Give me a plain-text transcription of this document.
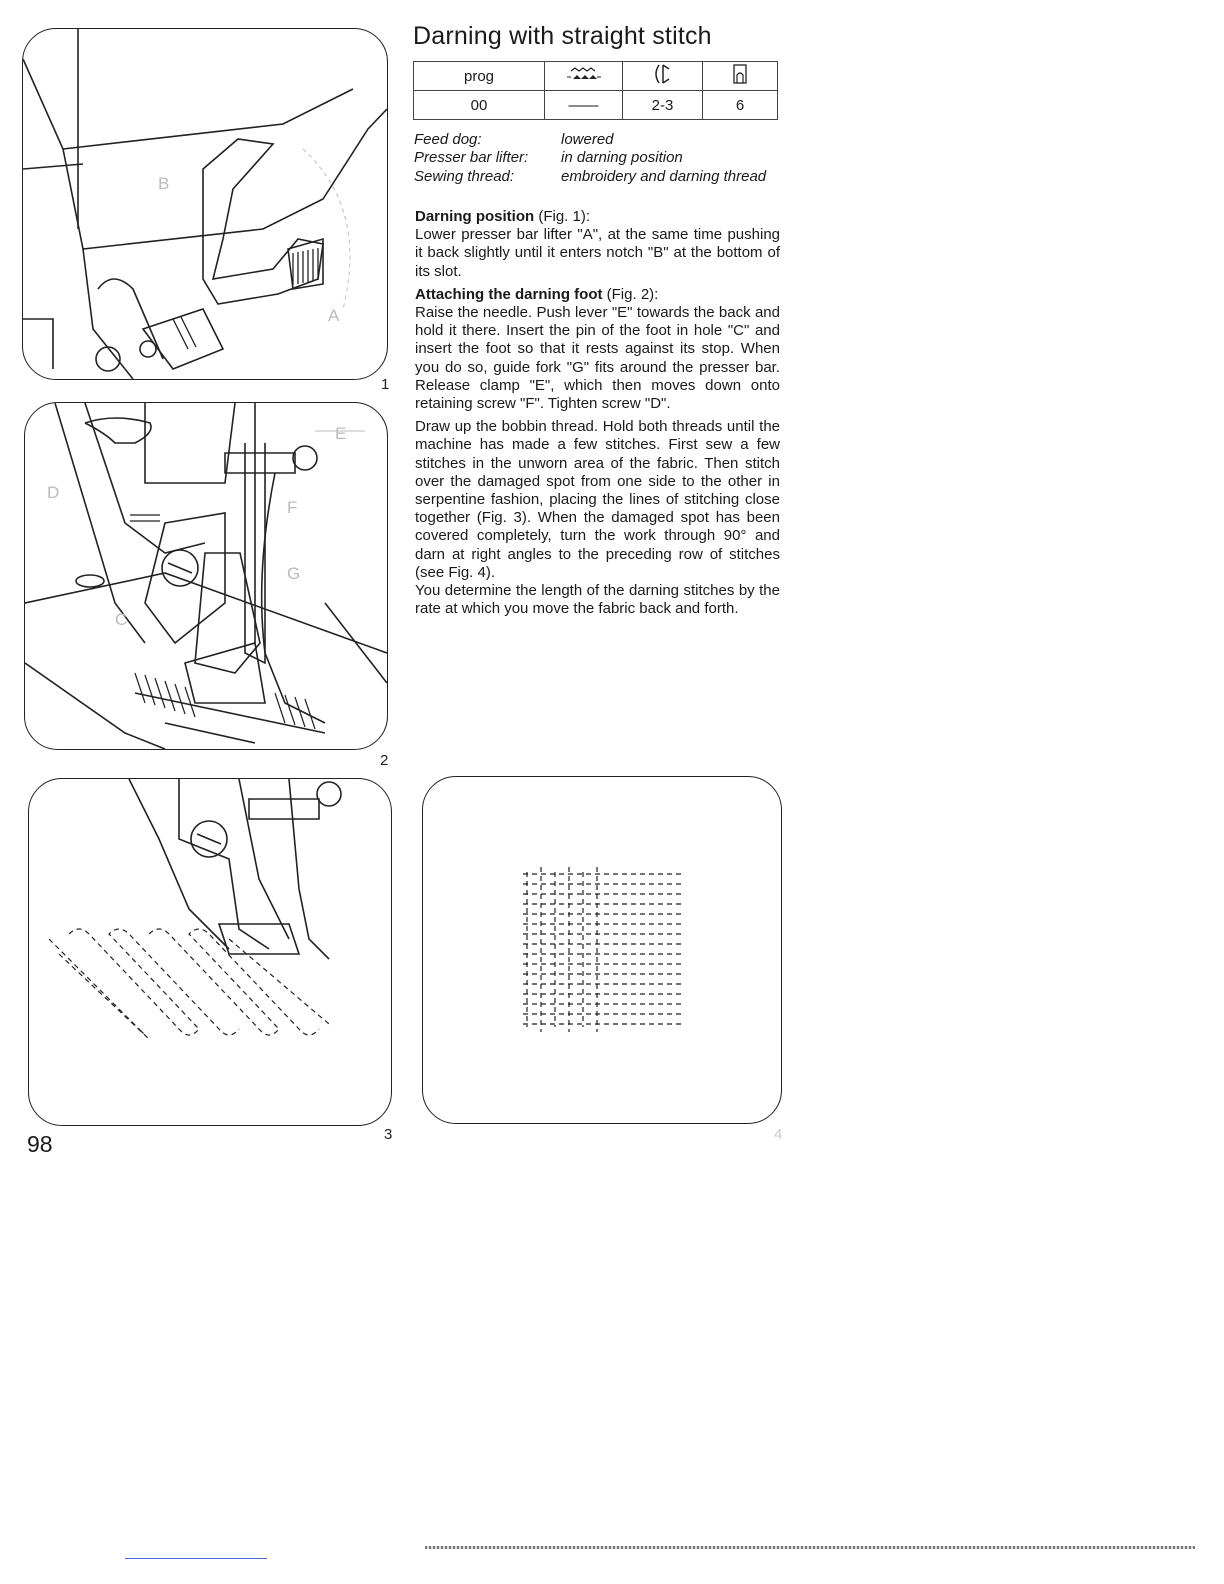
B
A
1
E
D
F
G
C
2
3	4
Darning with straight stitch
prog			
00	——	2-3	6
Feed dog:	lowered
Presser bar lifter:	in darning position
Sewing thread:	embroidery and darning thread

Darning position (Fig. 1):
Lower presser bar lifter "A", at the same time pushing it back slightly until it enters notch "B" at the bottom of its slot.

Attaching the darning foot (Fig. 2):
Raise the needle. Push lever "E" towards the back and hold it there. Insert the pin of the foot in hole "C" and insert the foot so that it rests against its stop. When you do so, guide fork "G" fits around the presser bar. Release clamp "E", which then moves down onto retaining screw "F". Tighten screw "D".

Draw up the bobbin thread. Hold both threads until the machine has made a few stitches. First sew a few stitches in the unworn area of the fabric. Then stitch over the damaged spot from one side to the other in serpentine fashion, placing the lines of stitching close together (Fig. 3). When the damaged spot has been covered completely, turn the work through 90° and darn at right angles to the preceding row of stitches (see Fig. 4).

You determine the length of the darning stitches by the rate at which you move the fabric back and forth.

98
